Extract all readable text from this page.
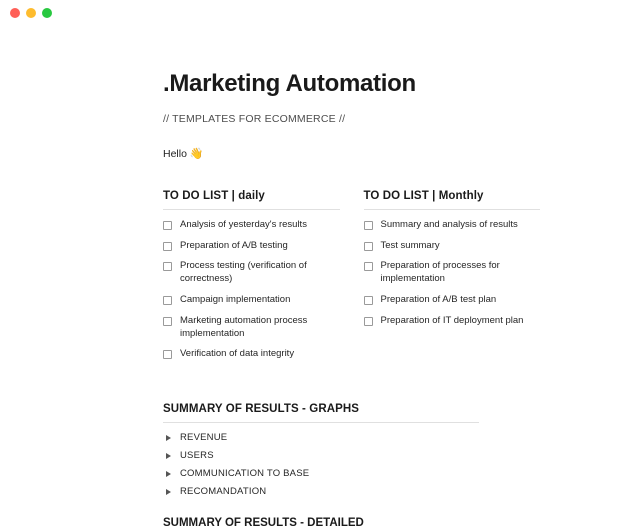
.Marketing Automation
// TEMPLATES FOR ECOMMERCE //
Hello 👋
TO DO LIST | daily
Analysis of yesterday's results
Preparation of A/B testing
Process testing (verification of correctness)
Campaign implementation
Marketing automation process implementation
Verification of data integrity
TO DO LIST | Monthly
Summary and analysis of results
Test summary
Preparation of processes for implementation
Preparation of A/B test plan
Preparation of IT deployment plan
SUMMARY OF RESULTS - GRAPHS
REVENUE
USERS
COMMUNICATION TO BASE
RECOMANDATION
SUMMARY OF RESULTS - DETAILED
